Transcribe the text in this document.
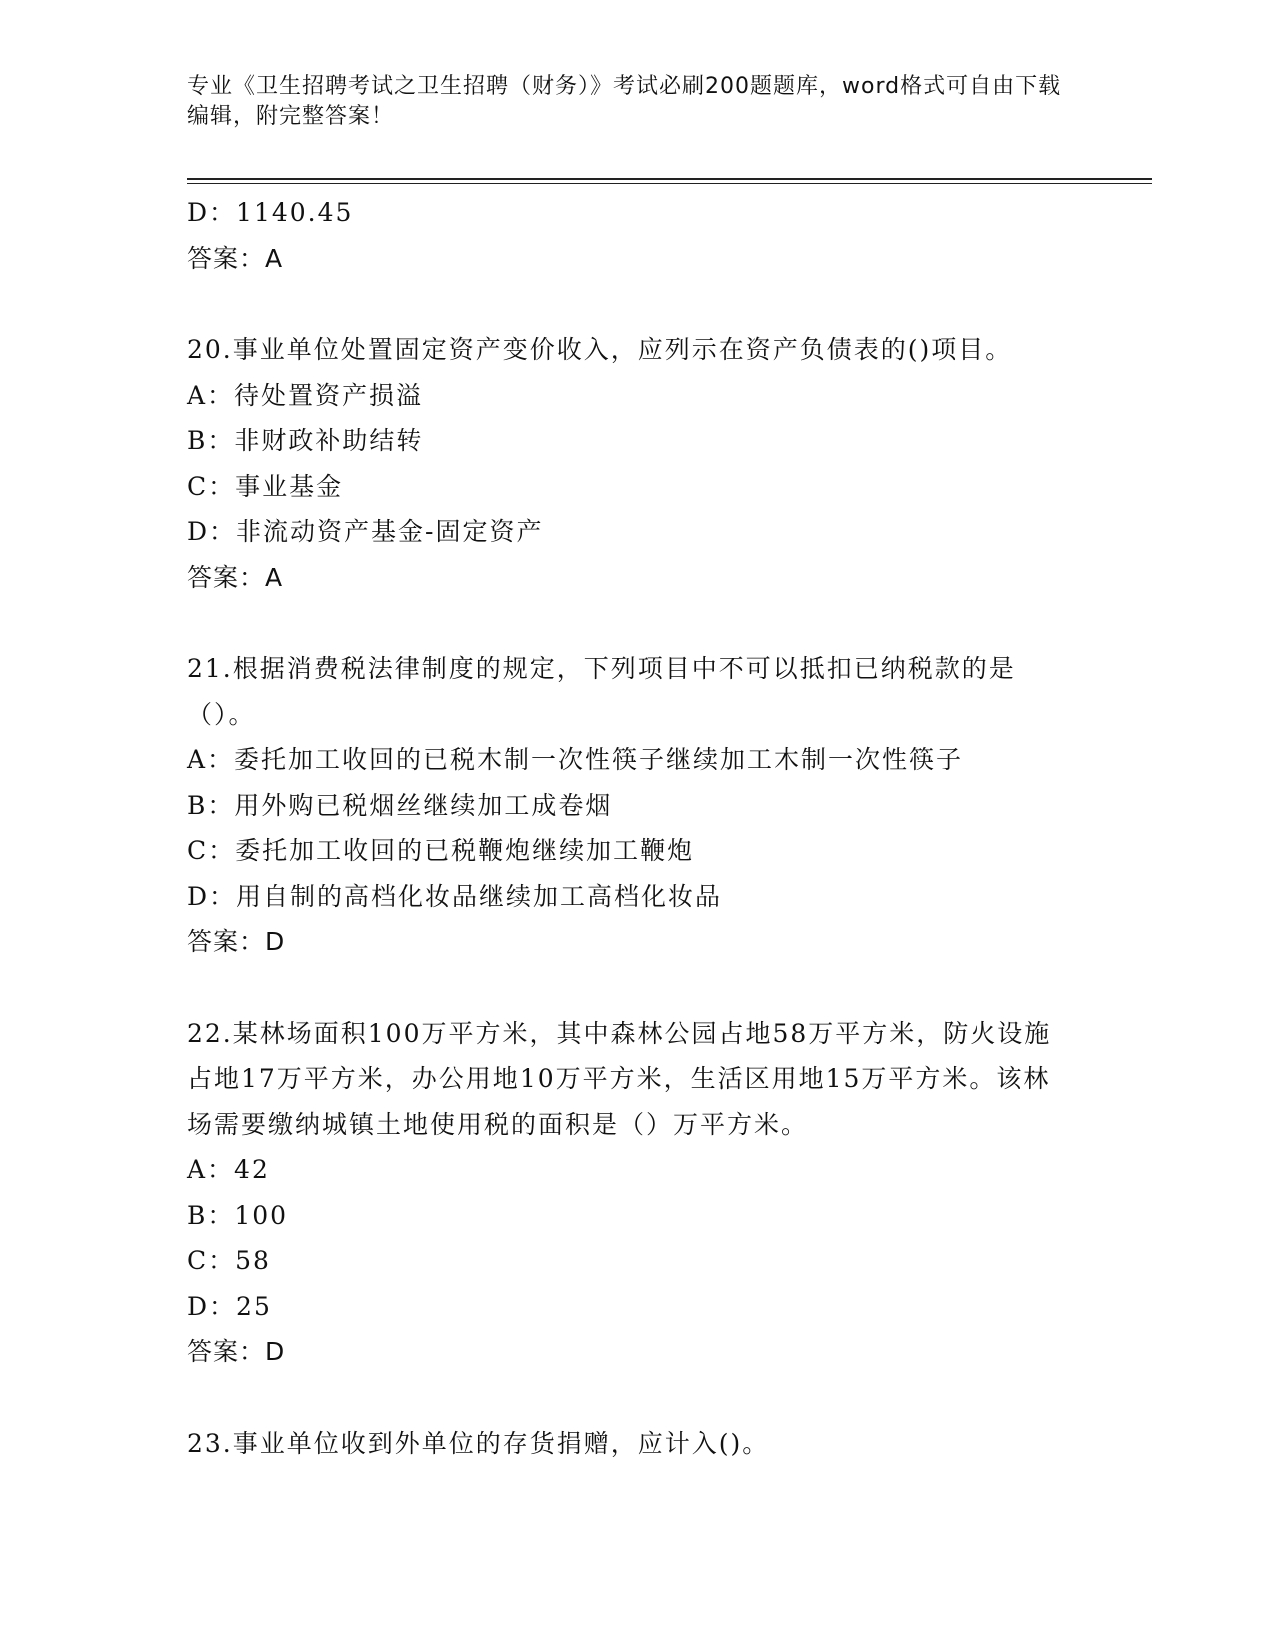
专业《卫生招聘考试之卫生招聘（财务）》考试必刷200题题库，word格式可自由下载编辑，附完整答案！
D：1140.45
答案：A
20.事业单位处置固定资产变价收入，应列示在资产负债表的()项目。
A：待处置资产损溢
B：非财政补助结转
C：事业基金
D：非流动资产基金-固定资产
答案：A
21.根据消费税法律制度的规定，下列项目中不可以抵扣已纳税款的是（）。
A：委托加工收回的已税木制一次性筷子继续加工木制一次性筷子
B：用外购已税烟丝继续加工成卷烟
C：委托加工收回的已税鞭炮继续加工鞭炮
D：用自制的高档化妆品继续加工高档化妆品
答案：D
22.某林场面积100万平方米，其中森林公园占地58万平方米，防火设施占地17万平方米，办公用地10万平方米，生活区用地15万平方米。该林场需要缴纳城镇土地使用税的面积是（）万平方米。
A：42
B：100
C：58
D：25
答案：D
23.事业单位收到外单位的存货捐赠，应计入()。
